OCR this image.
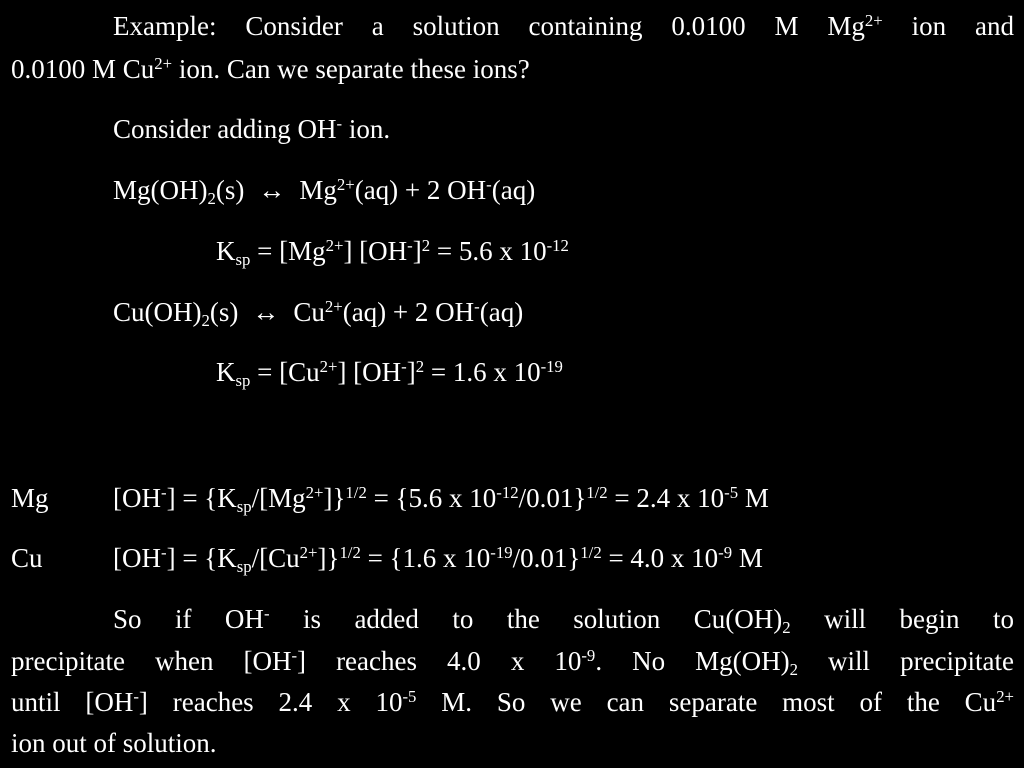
Example: Consider a solution containing 0.0100 M $Mg^{2+}$ ion and
0.0100 M $Cu^{2+}$ ion. Can we separate these ions?
Consider adding OH- ion.
$Mg(OH)_2(s)$ ↔ $Mg^{2+}(aq) + 2$ OH-(aq)
$K_{sp} = [Mg^{2+}] [OH^-]^2 = 5.6$ x $10^{-12}$
$Cu(OH)_2(s)$ ↔ $Cu^{2+}(aq) + 2$ OH-(aq)
$K_{sp} = [Cu^{2+}] [OH^-]^2 = 1.6$ x $10^{-19}$
Mg $[OH^-] = \{K_{sp}/[Mg^{2+}]\}^{1/2} = \{5.6$ x $10^{-12}/0.01\}^{1/2} = 2.4$ x $10^{-5}$ M
Cu	$[OH^-] = \{K_{sp}/[Cu^{2+}]\}^{1/2} = \{1.6$ x $10^{-19}/0.01\}^{1/2} = 4.0$ x $10^{-9}$ M
So if OH- is added to the solution $Cu(OH)_2$ will begin to
precipitate when [OH-] reaches 4.0 x $10^{-9}$. No $Mg(OH)_2$ will precipitate
until [OH-] reaches 2.4 x $10^{-5}$ M. So we can separate most of the $Cu^{2+}$
ion out of solution.
